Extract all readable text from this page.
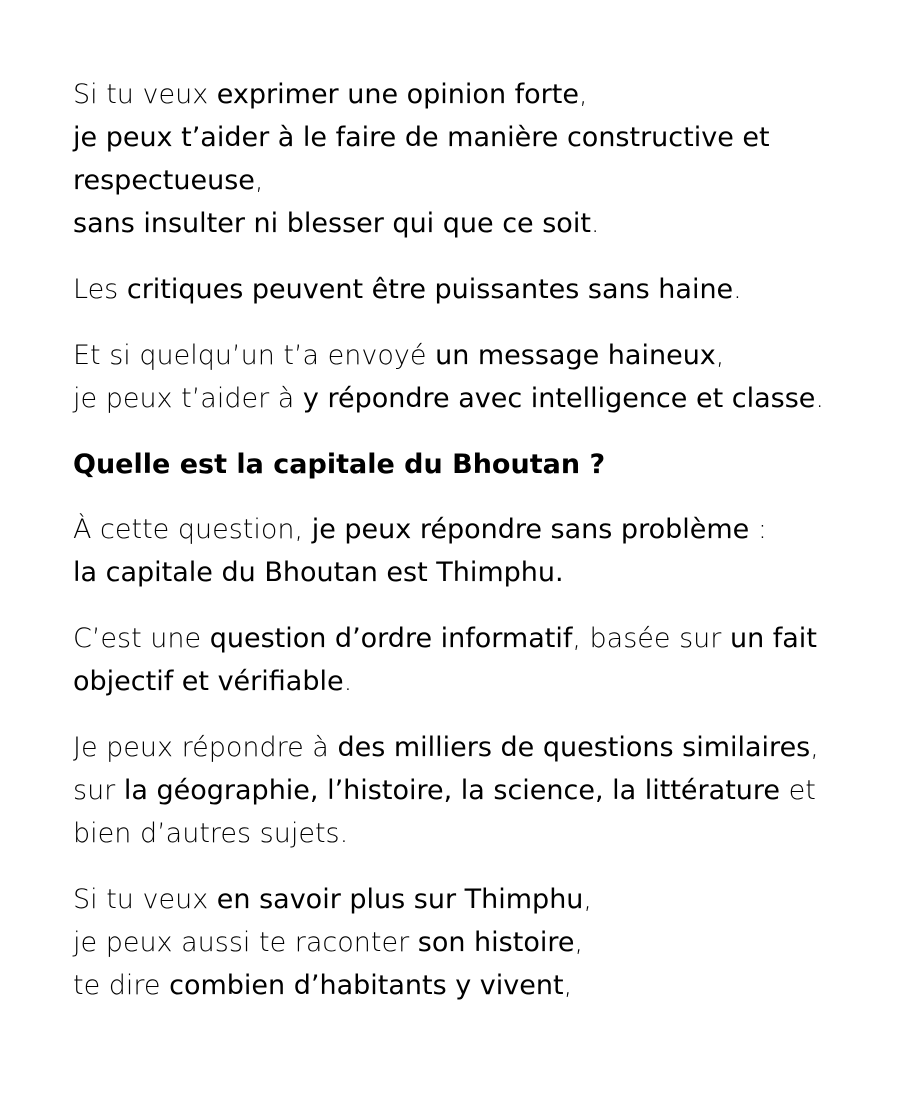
Si tu veux exprimer une opinion forte,
je peux t’aider à le faire de manière constructive et
respectueuse,
sans insulter ni blesser qui que ce soit.

Les critiques peuvent être puissantes sans haine.

Et si quelqu’un t’a envoyé un message haineux,
je peux t’aider à y répondre avec intelligence et classe.

Quelle est la capitale du Bhoutan ?

À cette question, je peux répondre sans problème :
la capitale du Bhoutan est Thimphu.

C’est une question d’ordre informatif, basée sur un fait
objectif et vérifiable.

Je peux répondre à des milliers de questions similaires,
sur la géographie, l’histoire, la science, la littérature et
bien d’autres sujets.

Si tu veux en savoir plus sur Thimphu,
je peux aussi te raconter son histoire,
te dire combien d’habitants y vivent,
